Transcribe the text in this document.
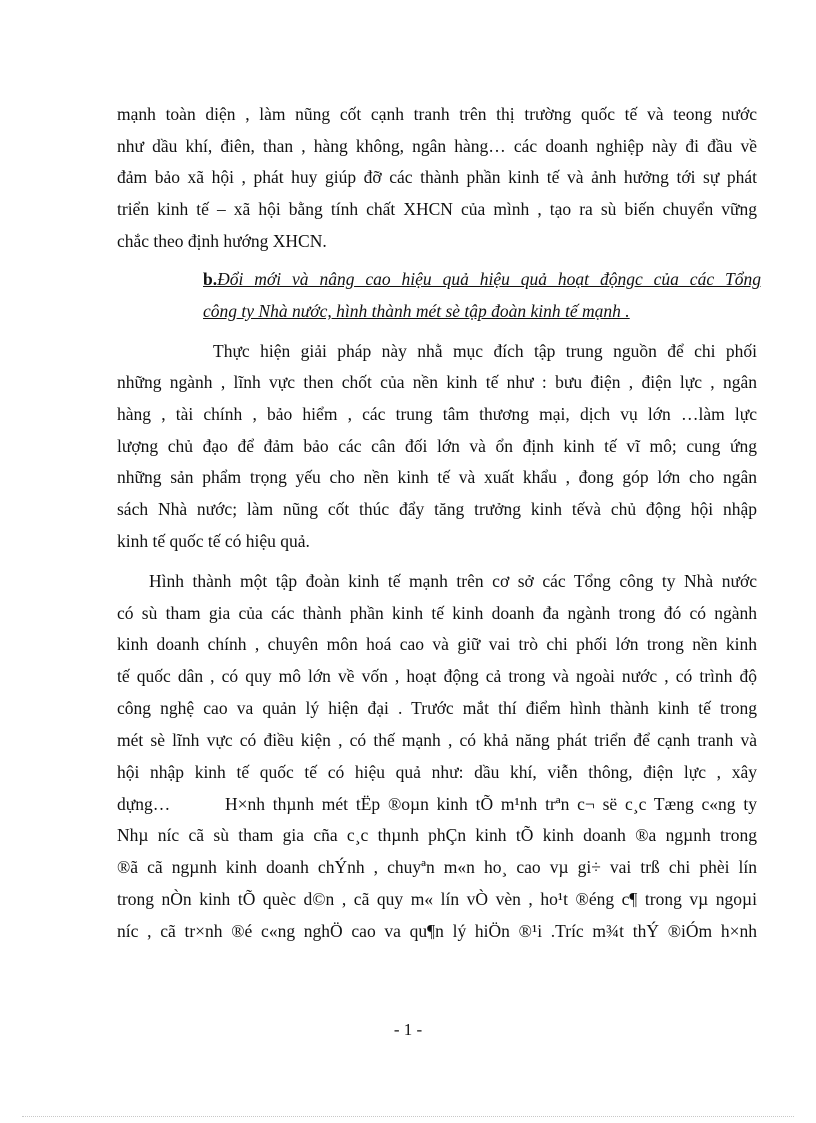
mạnh toàn diện , làm nũng cốt cạnh tranh trên thị trường quốc tế và teong nước
như dầu khí, điên, than , hàng không, ngân hàng… các doanh nghiệp này đi đầu về
đảm bảo xã hội , phát huy giúp đỡ các thành phần kinh tế và ảnh hưởng tới sự phát
triển kinh tế – xã hội bằng tính chất XHCN của mình , tạo ra sù biến chuyển vững
chắc theo định hướng XHCN.
b.Đổi mới và nâng cao hiệu quả hiệu quả hoạt độngc của các Tổng
công ty Nhà nước, hình thành mét sè tập đoàn kinh tế mạnh .
Thực hiện giải pháp này nhằ mục đích tập trung nguồn để chi phối
những ngành , lĩnh vực then chốt của nền kinh tế như : bưu điện , điện lực , ngân
hàng , tài chính , bảo hiểm , các trung tâm thương mại, dịch vụ lớn …làm lực
lượng chủ đạo để đảm bảo các cân đối lớn và ổn định kinh tế vĩ mô; cung ứng
những sản phẩm trọng yếu cho nền kinh tế và xuất khẩu , đong góp lớn cho ngân
sách Nhà nước; làm nũng cốt thúc đẩy tăng trưởng kinh tếvà chủ động hội nhập
kinh tế quốc tế có hiệu quả.
Hình thành một tập đoàn kinh tế mạnh trên cơ sở các Tổng công ty Nhà nước
có sù tham gia của các thành phần kinh tế kinh doanh đa ngành trong đó có ngành
kinh doanh chính , chuyên môn hoá cao và giữ vai trò chi phối lớn trong nền kinh
tế quốc dân , có quy mô lớn về vốn , hoạt động cả trong và ngoài nước , có trình độ
công nghệ cao va quản lý hiện đại . Trước mắt thí điểm hình thành kinh tế trong
mét sè lĩnh vực có điều kiện , có thế mạnh , có khả năng phát triển để cạnh tranh và
hội nhập kinh tế quốc tế có hiệu quả như: dầu khí, viễn thông, điện lực , xây
dựng…       H×nh thµnh mét tËp ®oµn kinh tÕ m¹nh trªn c¬ së c¸c Tæng c«ng ty
Nhµ níc cã sù tham gia cña c¸c thµnh phÇn kinh tÕ kinh doanh ®a ngµnh trong
®ã cã ngµnh kinh doanh chÝnh , chuyªn m«n ho¸ cao vµ gi÷ vai trß chi phèi lín
trong nÒn kinh tÕ quèc d©n , cã quy m« lín vÒ vèn , ho¹t ®éng c¶ trong vµ ngoµi
níc , cã tr×nh ®é c«ng nghÖ cao va qu¶n lý hiÖn ®¹i .Tríc m¾t thÝ ®iÓm h×nh
- 1 -
